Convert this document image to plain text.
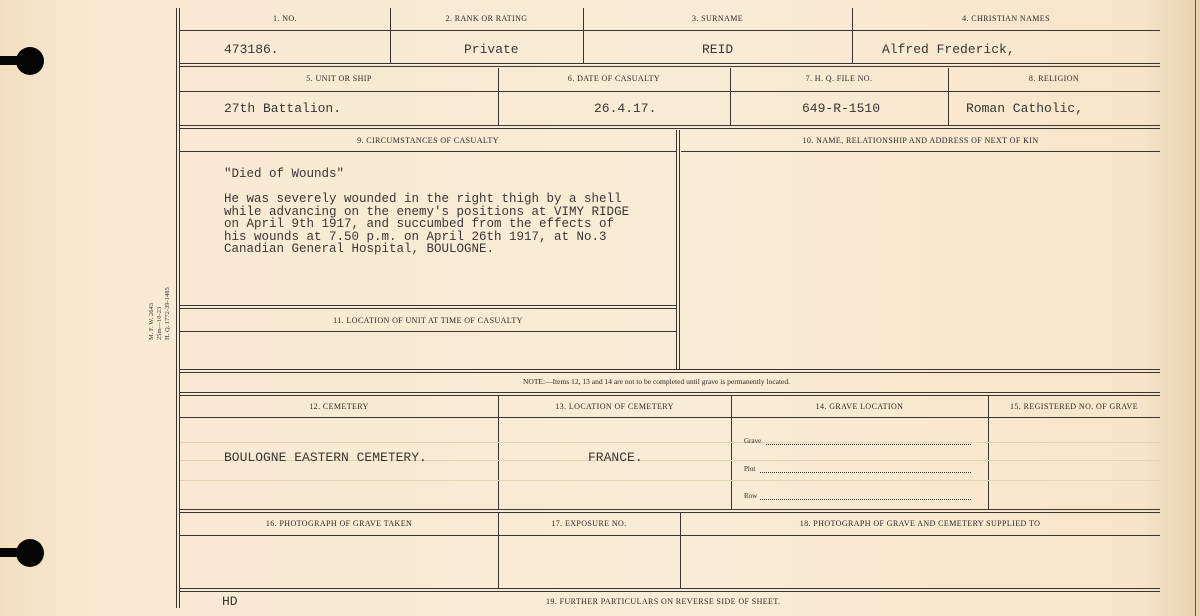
M. F. W. 2643 25m—10-23 H. Q. 1772-39-1485
1. NO.	2. RANK OR RATING	3. SURNAME	4. CHRISTIAN NAMES
473186.	Private	REID	Alfred Frederick,
5. UNIT OR SHIP	6. DATE OF CASUALTY	7. H. Q. FILE NO.	8. RELIGION
27th Battalion.	26.4.17.	649-R-1510	Roman Catholic,
9. CIRCUMSTANCES OF CASUALTY	10. NAME, RELATIONSHIP AND ADDRESS OF NEXT OF KIN
"Died of Wounds"
He was severely wounded in the right thigh by a shell
while advancing on the enemy's positions at VIMY RIDGE
on April 9th 1917, and succumbed from the effects of
his wounds at 7.50 p.m. on April 26th 1917, at No.3
Canadian General Hospital, BOULOGNE.
11. LOCATION OF UNIT AT TIME OF CASUALTY
NOTE:—Items 12, 13 and 14 are not to be completed until grave is permanently located.
12. CEMETERY	13. LOCATION OF CEMETERY	14. GRAVE LOCATION	15. REGISTERED NO. OF GRAVE
BOULOGNE EASTERN CEMETERY.	FRANCE.
Grave
Plot
Row
16. PHOTOGRAPH OF GRAVE TAKEN	17. EXPOSURE NO.	18. PHOTOGRAPH OF GRAVE AND CEMETERY SUPPLIED TO
HD	19. FURTHER PARTICULARS ON REVERSE SIDE OF SHEET.
